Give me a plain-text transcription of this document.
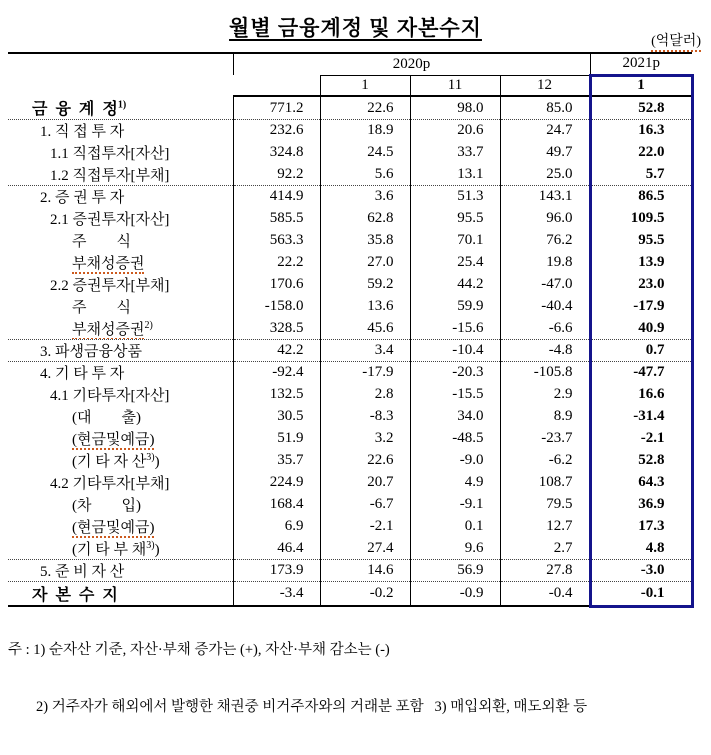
월별 금융계정 및 자본수지
(억달러)
	2020p				2021p
		1	11	12	1
금  융  계  정$^{1)}$	771.2	22.6	98.0	85.0	52.8
1. 직 접 투 자	232.6	18.9	20.6	24.7	16.3
1.1 직접투자[자산]	324.8	24.5	33.7	49.7	22.0
1.2 직접투자[부채]	92.2	5.6	13.1	25.0	5.7
2. 증 권 투 자	414.9	3.6	51.3	143.1	86.5
2.1 증권투자[자산]	585.5	62.8	95.5	96.0	109.5
주        식	563.3	35.8	70.1	76.2	95.5
부채성증권	22.2	27.0	25.4	19.8	13.9
2.2 증권투자[부채]	170.6	59.2	44.2	-47.0	23.0
주        식	-158.0	13.6	59.9	-40.4	-17.9
부채성증권$^{2)}$	328.5	45.6	-15.6	-6.6	40.9
3. 파생금융상품	42.2	3.4	-10.4	-4.8	0.7
4. 기 타 투 자	-92.4	-17.9	-20.3	-105.8	-47.7
4.1 기타투자[자산]	132.5	2.8	-15.5	2.9	16.6
(대        출)	30.5	-8.3	34.0	8.9	-31.4
(현금및예금)	51.9	3.2	-48.5	-23.7	-2.1
(기 타 자 산$^{3)}$)	35.7	22.6	-9.0	-6.2	52.8
4.2 기타투자[부채]	224.9	20.7	4.9	108.7	64.3
(차        입)	168.4	-6.7	-9.1	79.5	36.9
(현금및예금)	6.9	-2.1	0.1	12.7	17.3
(기 타 부 채$^{3)}$)	46.4	27.4	9.6	2.7	4.8
5. 준 비 자 산	173.9	14.6	56.9	27.8	-3.0
자  본  수  지	-3.4	-0.2	-0.9	-0.4	-0.1

주 : 1) 순자산 기준, 자산·부채 증가는 (+), 자산·부채 감소는 (-)

2) 거주자가 해외에서 발행한 채권중 비거주자와의 거래분 포함   3) 매입외환, 매도외환 등
